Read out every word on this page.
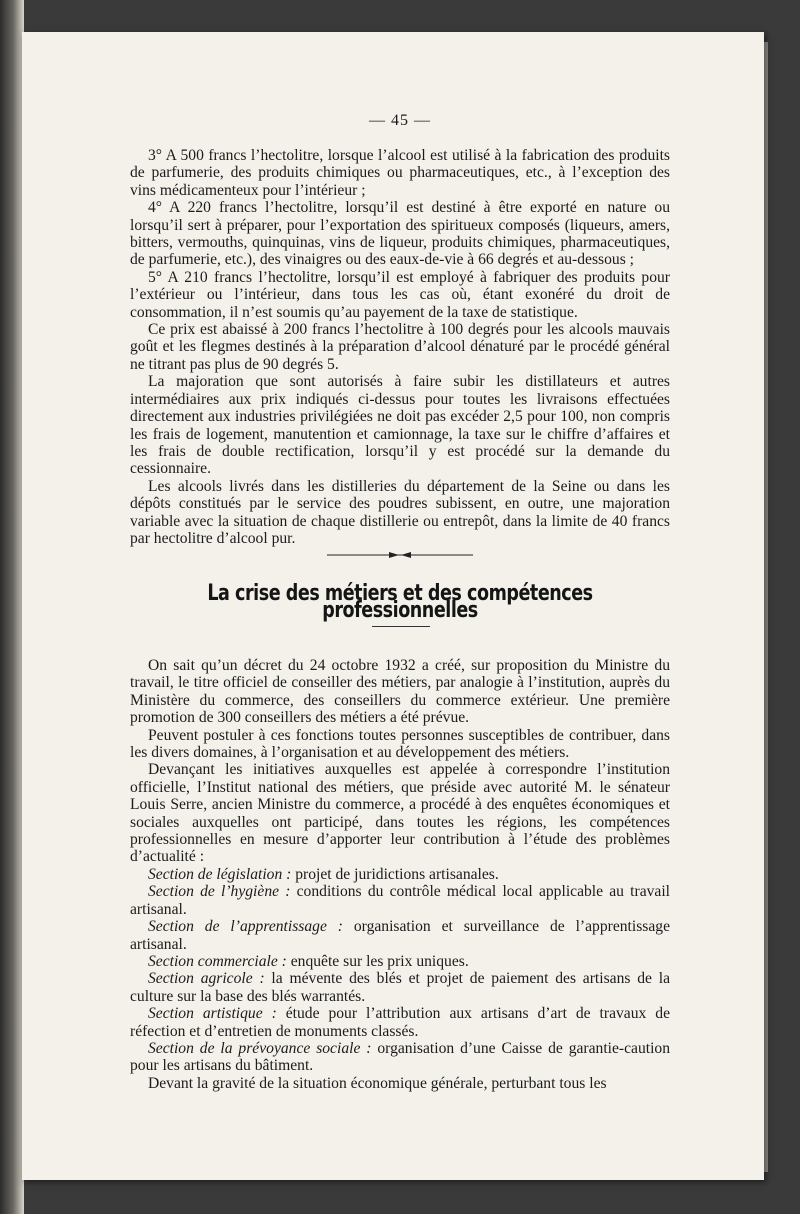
— 45 —

3° A 500 francs l’hectolitre, lorsque l’alcool est utilisé à la fabrication des produits de parfumerie, des produits chimiques ou pharmaceutiques, etc., à l’exception des vins médicamenteux pour l’intérieur ;

4° A 220 francs l’hectolitre, lorsqu’il est destiné à être exporté en nature ou lorsqu’il sert à préparer, pour l’exportation des spiritueux composés (liqueurs, amers, bitters, vermouths, quinquinas, vins de liqueur, produits chimiques, pharmaceutiques, de parfumerie, etc.), des vinaigres ou des eaux-de-vie à 66 degrés et au-dessous ;

5° A 210 francs l’hectolitre, lorsqu’il est employé à fabriquer des produits pour l’extérieur ou l’intérieur, dans tous les cas où, étant exonéré du droit de consommation, il n’est soumis qu’au payement de la taxe de statistique.

Ce prix est abaissé à 200 francs l’hectolitre à 100 degrés pour les alcools mauvais goût et les flegmes destinés à la préparation d’alcool dénaturé par le procédé général ne titrant pas plus de 90 degrés 5.

La majoration que sont autorisés à faire subir les distillateurs et autres intermédiaires aux prix indiqués ci-dessus pour toutes les livraisons effectuées directement aux industries privilégiées ne doit pas excéder 2,5 pour 100, non compris les frais de logement, manutention et camionnage, la taxe sur le chiffre d’affaires et les frais de double rectification, lorsqu’il y est procédé sur la demande du cessionnaire.

Les alcools livrés dans les distilleries du département de la Seine ou dans les dépôts constitués par le service des poudres subissent, en outre, une majoration variable avec la situation de chaque distillerie ou entrepôt, dans la limite de 40 francs par hectolitre d’alcool pur.

La crise des métiers et des compétences professionnelles

On sait qu’un décret du 24 octobre 1932 a créé, sur proposition du Ministre du travail, le titre officiel de conseiller des métiers, par analogie à l’institution, auprès du Ministère du commerce, des conseillers du commerce extérieur. Une première promotion de 300 conseillers des métiers a été prévue.

Peuvent postuler à ces fonctions toutes personnes susceptibles de contribuer, dans les divers domaines, à l’organisation et au développement des métiers.

Devançant les initiatives auxquelles est appelée à correspondre l’institution officielle, l’Institut national des métiers, que préside avec autorité M. le sénateur Louis Serre, ancien Ministre du commerce, a procédé à des enquêtes économiques et sociales auxquelles ont participé, dans toutes les régions, les compétences professionnelles en mesure d’apporter leur contribution à l’étude des problèmes d’actualité :

Section de législation : projet de juridictions artisanales.

Section de l’hygiène : conditions du contrôle médical local applicable au travail artisanal.

Section de l’apprentissage : organisation et surveillance de l’apprentissage artisanal.

Section commerciale : enquête sur les prix uniques.

Section agricole : la mévente des blés et projet de paiement des artisans de la culture sur la base des blés warrantés.

Section artistique : étude pour l’attribution aux artisans d’art de travaux de réfection et d’entretien de monuments classés.

Section de la prévoyance sociale : organisation d’une Caisse de garantie-caution pour les artisans du bâtiment.

Devant la gravité de la situation économique générale, perturbant tous les
